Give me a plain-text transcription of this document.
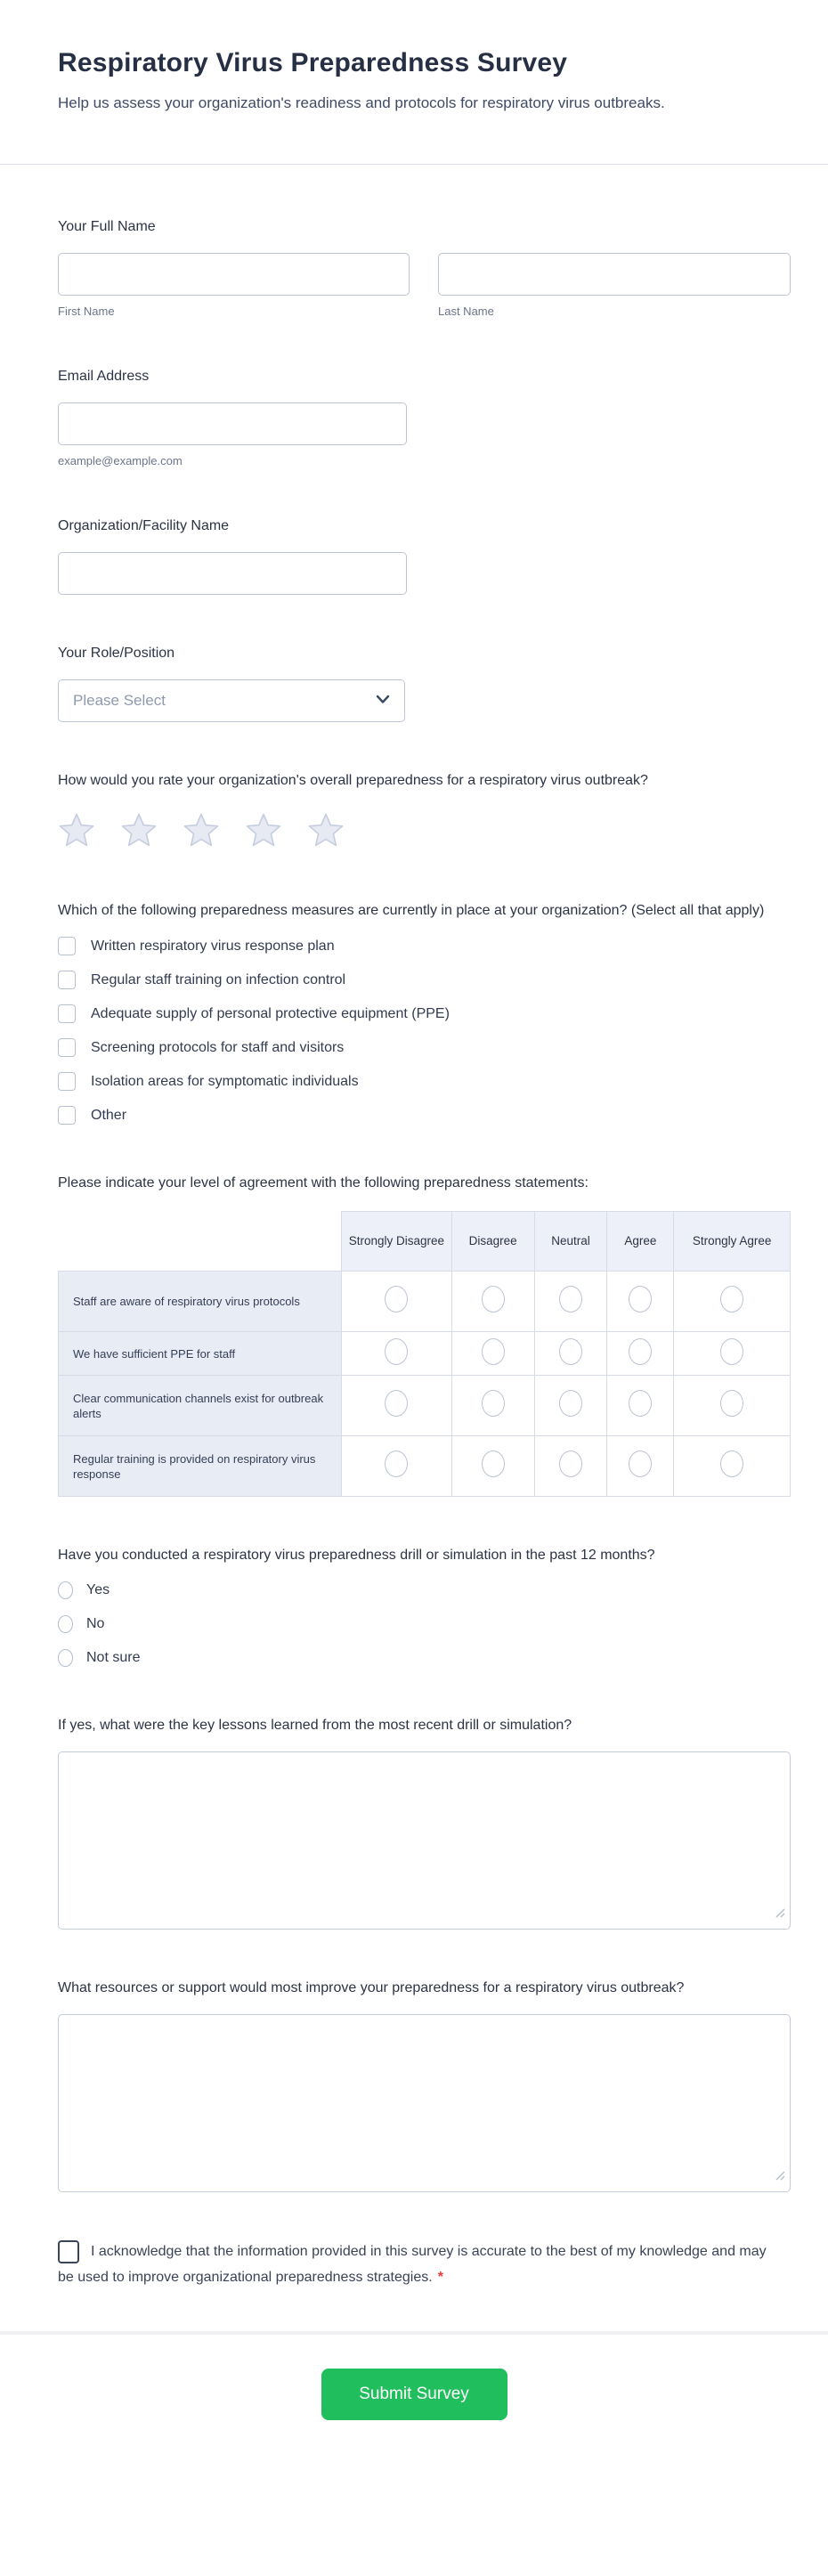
Respiratory Virus Preparedness Survey
Help us assess your organization's readiness and protocols for respiratory virus outbreaks.
Your Full Name
First Name	Last Name
Email Address
example@example.com
Organization/Facility Name
Your Role/Position
Please Select
How would you rate your organization's overall preparedness for a respiratory virus outbreak?
Which of the following preparedness measures are currently in place at your organization? (Select all that apply)
Written respiratory virus response plan
Regular staff training on infection control
Adequate supply of personal protective equipment (PPE)
Screening protocols for staff and visitors
Isolation areas for symptomatic individuals
Other
Please indicate your level of agreement with the following preparedness statements:
	Strongly Disagree	Disagree	Neutral	Agree	Strongly Agree
Staff are aware of respiratory virus protocols					
We have sufficient PPE for staff					
Clear communication channels exist for outbreak alerts					
Regular training is provided on respiratory virus response					
Have you conducted a respiratory virus preparedness drill or simulation in the past 12 months?
Yes
No
Not sure
If yes, what were the key lessons learned from the most recent drill or simulation?
What resources or support would most improve your preparedness for a respiratory virus outbreak?
I acknowledge that the information provided in this survey is accurate to the best of my knowledge and may be used to improve organizational preparedness strategies. *
Submit Survey
